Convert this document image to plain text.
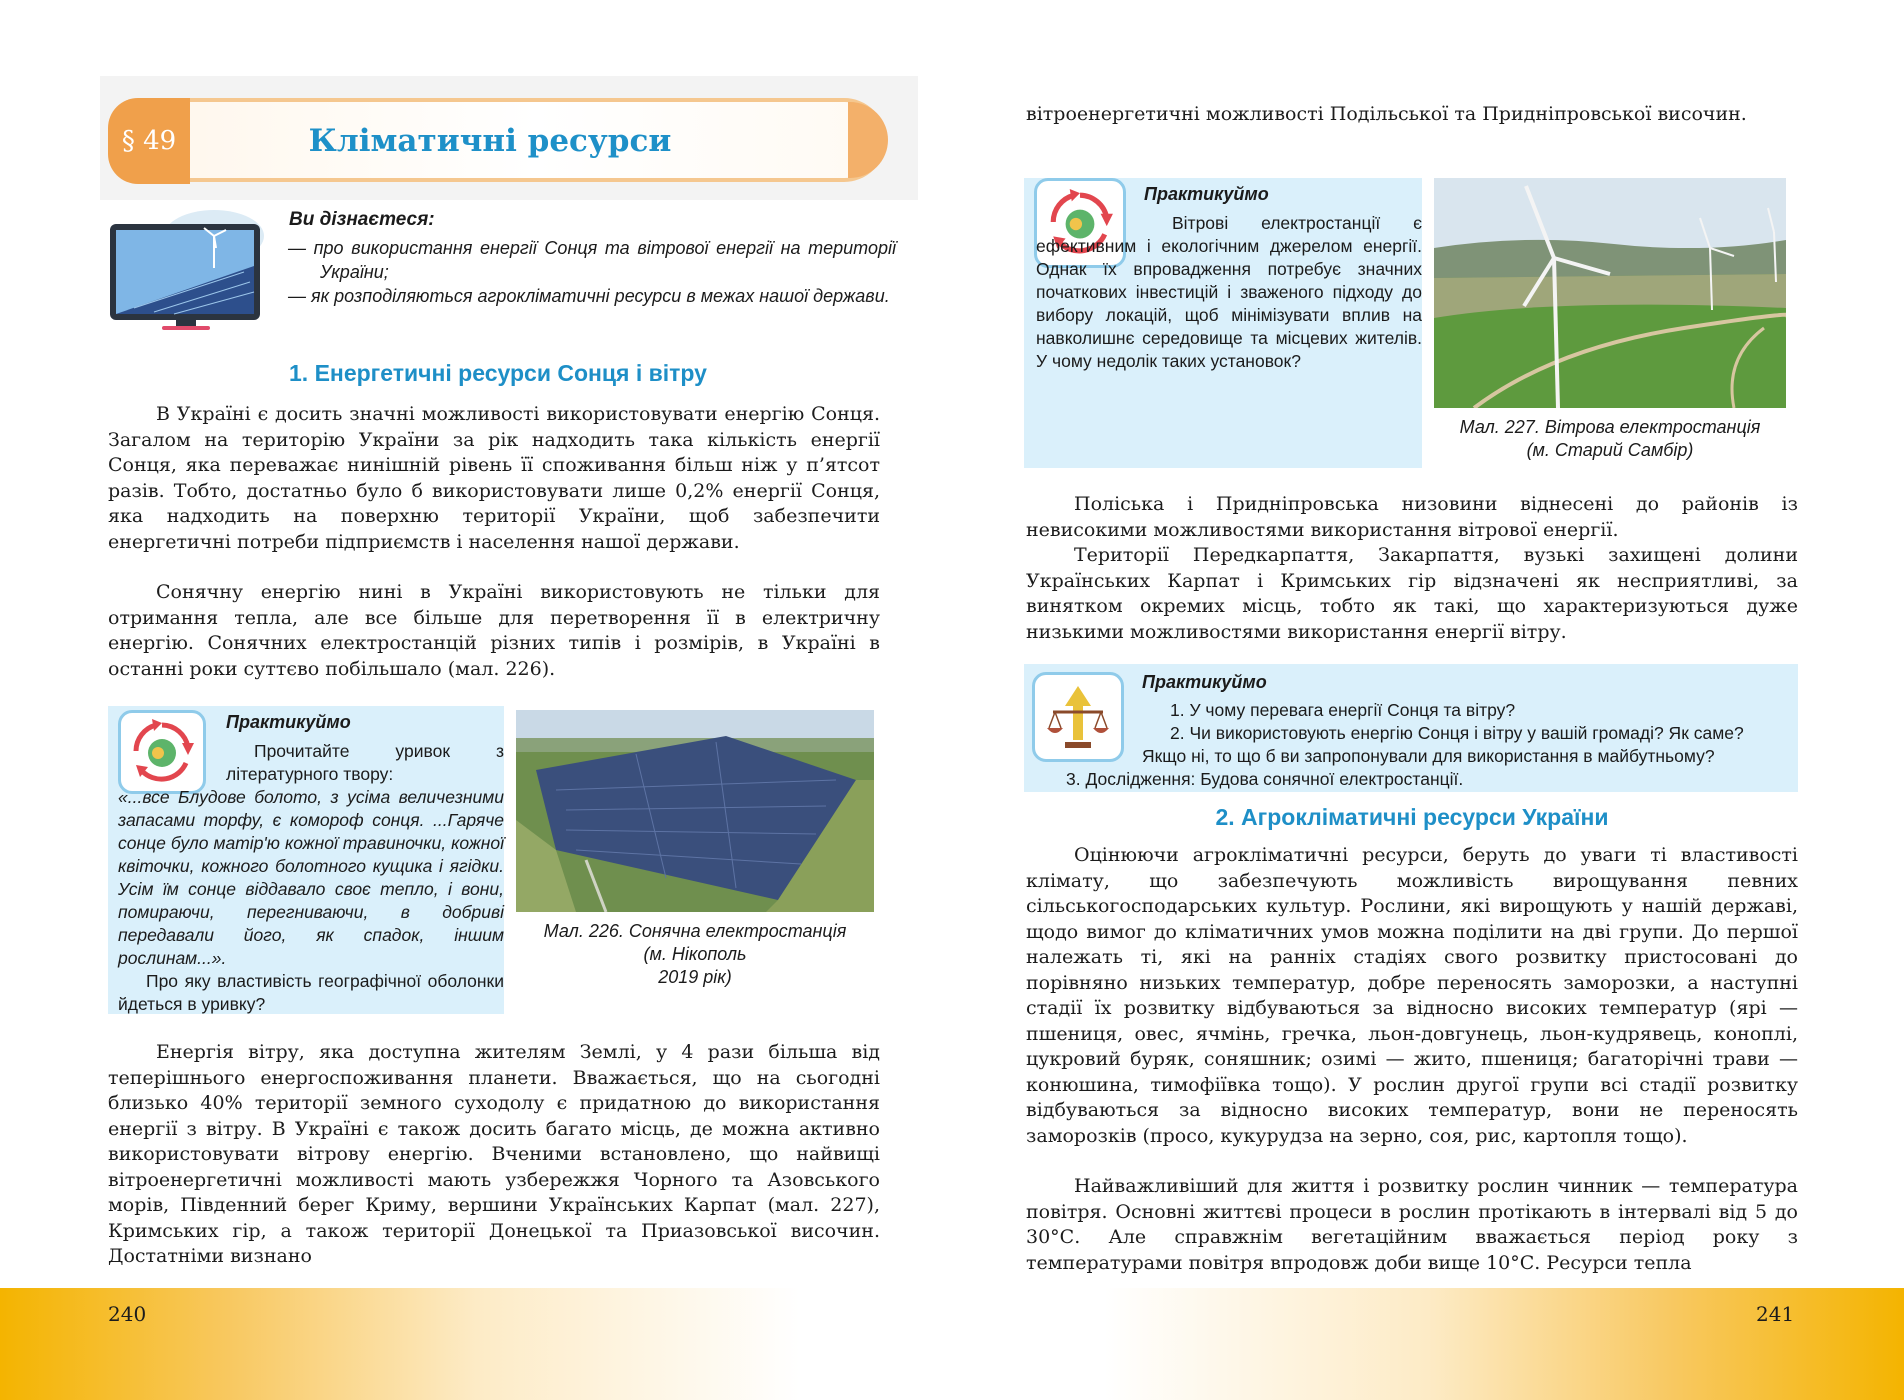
§ 49	Кліматичні ресурси
Ви дізнаєтеся:

— про використання енергії Сонця та вітрової енергії на території України;

— як розподіляються агрокліматичні ресурси в межах нашої держави.

1. Енергетичні ресурси Сонця і вітру

В Україні є досить значні можливості використовувати енергію Сонця. Загалом на територію України за рік надходить така кількість енергії Сонця, яка переважає нинішній рівень її споживання більш ніж у п’ятсот разів. Тобто, достатньо було б використовувати лише 0,2% енергії Сонця, яка надходить на поверхню території України, щоб забезпечити енергетичні потреби підприємств і населення нашої держави.

Сонячну енергію нині в Україні використовують не тільки для отримання тепла, але все більше для перетворення її в електричну енергію. Сонячних електростанцій різних типів і розмірів, в Україні в останні роки суттєво побільшало (мал. 226).

Практикуймо

Прочитайте уривок з літературного твору:

«...все Блудове болото, з усіма величезними запасами торфу, є комороф сонця. ...Гаряче сонце було матір'ю кожної травиночки, кожної квіточки, кожного болотного кущика і ягідки. Усім їм сонце віддавало своє тепло, і вони, помираючи, перегниваючи, в добриві передавали його, як спадок, іншим рослинам...».

Про яку властивість географічної оболонки йдеться в уривку?

Мал. 226. Сонячна електростанція
(м. Нікополь
2019 рік)

Енергія вітру, яка доступна жителям Землі, у 4 рази більша від теперішнього енергоспоживання планети. Вважається, що на сьогодні близько 40% території земного суходолу є придатною до використання енергії з вітру. В Україні є також досить багато місць, де можна активно використовувати вітрову енергію. Вченими встановлено, що найвищі вітроенергетичні можливості мають узбережжя Чорного та Азовського морів, Південний берег Криму, вершини Українських Карпат (мал. 227), Кримських гір, а також території Донецької та Приазовської височин. Достатніми визнано

вітроенергетичні можливості Подільської та Придніпровської височин.

Практикуймо

Вітрові електростанції є ефективним і екологічним джерелом енергії. Однак їх впровадження потребує значних початкових інвестицій і зваженого підходу до вибору локацій, щоб мінімізувати вплив на навколишнє середовище та місцевих жителів. У чому недолік таких установок?

Мал. 227. Вітрова електростанція
(м. Старий Самбір)

Поліська і Придніпровська низовини віднесені до районів із невисокими можливостями використання вітрової енергії.

Території Передкарпаття, Закарпаття, вузькі захищені долини Українських Карпат і Кримських гір відзначені як несприятливі, за винятком окремих місць, тобто як такі, що характеризуються дуже низькими можливостями використання енергії вітру.

Практикуймо
1. У чому перевага енергії Сонця та вітру?
2. Чи використовують енергію Сонця і вітру у вашій громаді? Як саме?
Якщо ні, то що б ви запропонували для використання в майбутньому?
3. Дослідження: Будова сонячної електростанції.
2. Агрокліматичні ресурси України

Оцінюючи агрокліматичні ресурси, беруть до уваги ті властивості клімату, що забезпечують можливість вирощування певних сільськогосподарських культур. Рослини, які вирощують у нашій державі, щодо вимог до кліматичних умов можна поділити на дві групи. До першої належать ті, які на ранніх стадіях свого розвитку пристосовані до порівняно низьких температур, добре переносять заморозки, а наступні стадії їх розвитку відбуваються за відносно високих температур (ярі — пшениця, овес, ячмінь, гречка, льон-довгунець, льон-кудрявець, коноплі, цукровий буряк, соняшник; озимі — жито, пшениця; багаторічні трави — конюшина, тимофіївка тощо). У рослин другої групи всі стадії розвитку відбуваються за відносно високих температур, вони не переносять заморозків (просо, кукурудза на зерно, соя, рис, картопля тощо).

Найважливіший для життя і розвитку рослин чинник — температура повітря. Основні життєві процеси в рослин протікають в інтервалі від 5 до 30°С. Але справжнім вегетаційним вважається період року з температурами повітря впродовж доби вище 10°С. Ресурси тепла

240	241
